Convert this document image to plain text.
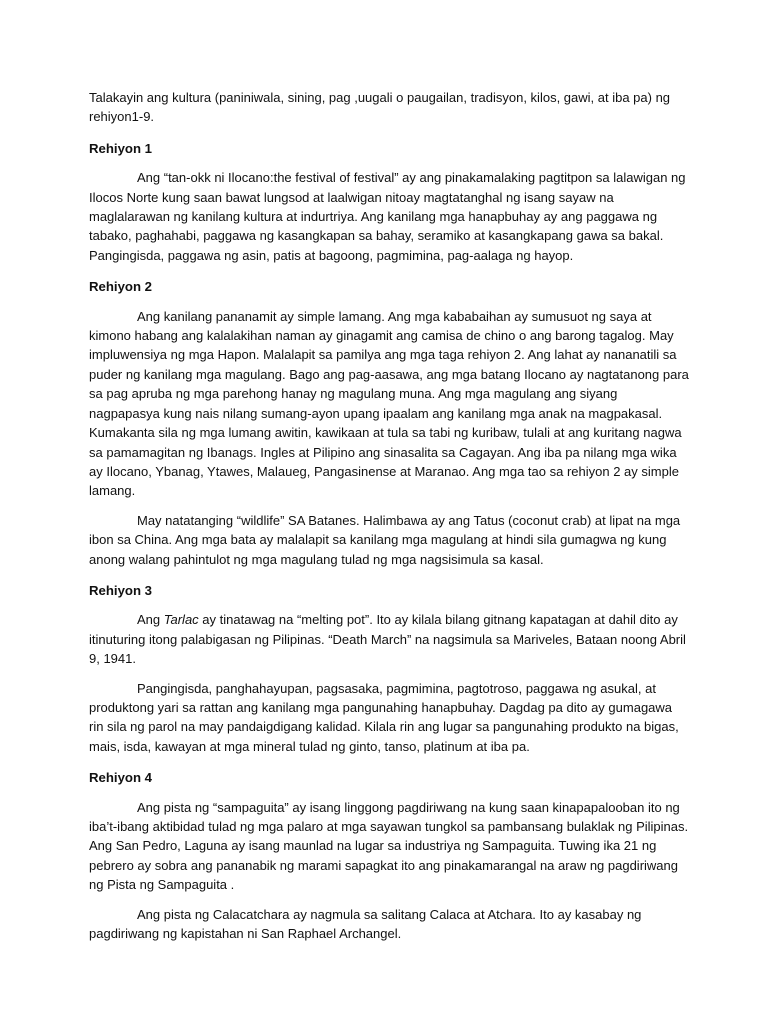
Talakayin ang kultura (paniniwala, sining, pag ,uugali o paugailan, tradisyon, kilos, gawi, at iba pa) ng rehiyon1-9.

Rehiyon 1

Ang “tan-okk ni Ilocano:the festival of festival” ay ang pinakamalaking pagtitpon sa lalawigan ng Ilocos Norte kung saan bawat lungsod at laalwigan nitoay magtatanghal ng isang sayaw na maglalarawan ng kanilang kultura at indurtriya. Ang kanilang mga hanapbuhay ay ang paggawa ng tabako, paghahabi, paggawa ng kasangkapan sa bahay, seramiko at kasangkapang gawa sa bakal. Pangingisda, paggawa ng asin, patis at bagoong, pagmimina, pag-aalaga ng hayop.

Rehiyon 2

Ang kanilang pananamit ay simple lamang. Ang mga kababaihan ay sumusuot ng saya at kimono habang ang kalalakihan naman ay ginagamit ang camisa de chino o ang barong tagalog. May impluwensiya ng mga Hapon. Malalapit sa pamilya ang mga taga rehiyon 2. Ang lahat ay nananatili sa puder ng kanilang mga magulang. Bago ang pag-aasawa, ang mga batang Ilocano ay nagtatanong para sa pag apruba ng mga parehong hanay ng magulang muna. Ang mga magulang ang siyang nagpapasya kung nais nilang sumang-ayon upang ipaalam ang kanilang mga anak na magpakasal. Kumakanta sila ng mga lumang awitin, kawikaan at tula sa tabi ng kuribaw, tulali at ang kuritang nagwa sa pamamagitan ng Ibanags. Ingles at Pilipino ang sinasalita sa Cagayan. Ang iba pa nilang mga wika ay Ilocano, Ybanag, Ytawes, Malaueg, Pangasinense at Maranao. Ang mga tao sa rehiyon 2 ay simple lamang.

May natatanging “wildlife” SA Batanes. Halimbawa ay ang Tatus (coconut crab) at lipat na mga ibon sa China. Ang mga bata ay malalapit sa kanilang mga magulang at hindi sila gumagwa ng kung anong walang pahintulot ng mga magulang tulad ng mga nagsisimula sa kasal.

Rehiyon 3

Ang Tarlac ay tinatawag na “melting pot”. Ito ay kilala bilang gitnang kapatagan at dahil dito ay itinuturing itong palabigasan ng Pilipinas. “Death March” na nagsimula sa Mariveles, Bataan noong Abril 9, 1941.

Pangingisda, panghahayupan, pagsasaka, pagmimina, pagtotroso, paggawa ng asukal, at produktong yari sa rattan ang kanilang mga pangunahing hanapbuhay. Dagdag pa dito ay gumagawa rin sila ng parol na may pandaigdigang kalidad. Kilala rin ang lugar sa pangunahing produkto na bigas, mais, isda, kawayan at mga mineral tulad ng ginto, tanso, platinum at iba pa.

Rehiyon 4

Ang pista ng “sampaguita” ay isang linggong pagdiriwang na kung saan kinapapalooban ito ng iba’t-ibang aktibidad tulad ng mga palaro at mga sayawan tungkol sa pambansang bulaklak ng Pilipinas. Ang San Pedro, Laguna ay isang maunlad na lugar sa industriya ng Sampaguita. Tuwing ika 21 ng pebrero ay sobra ang pananabik ng marami sapagkat ito ang pinakamarangal na araw ng pagdiriwang ng Pista ng Sampaguita .

Ang pista ng Calacatchara ay nagmula sa salitang Calaca at Atchara. Ito ay kasabay ng pagdiriwang ng kapistahan ni San Raphael Archangel.
